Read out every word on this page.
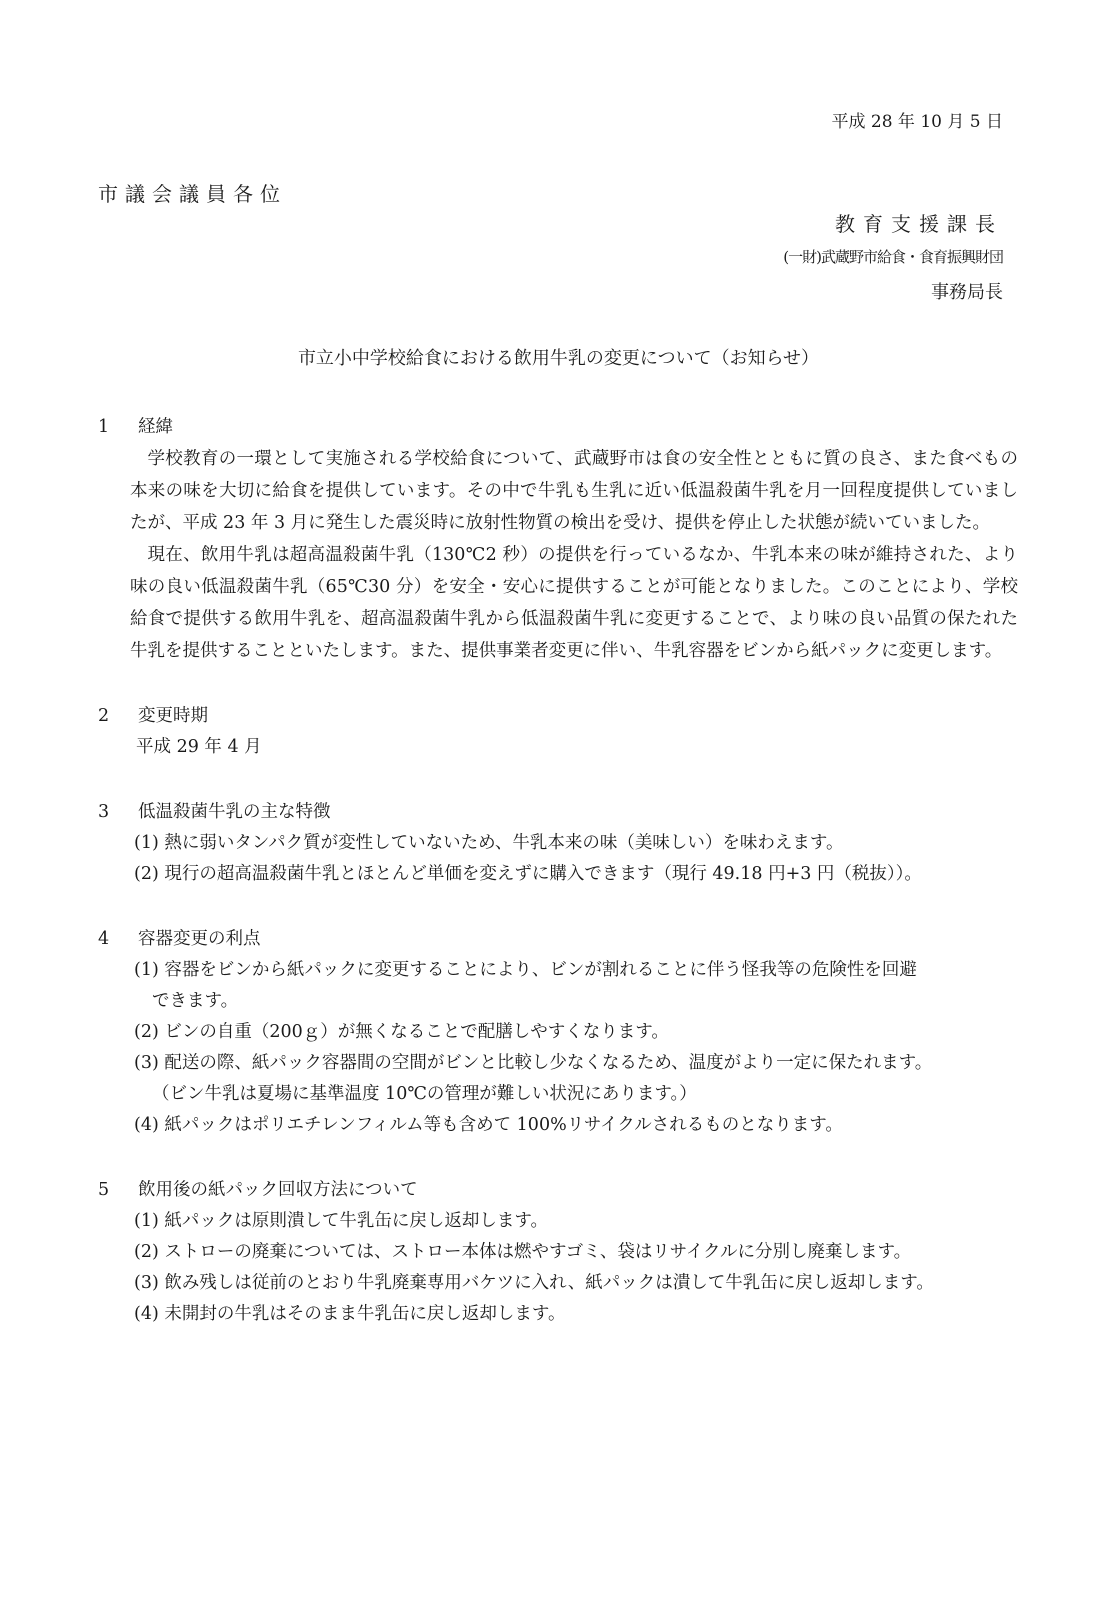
平成 28 年 10 月 5 日
市議会議員各位
教育支援課長
(一財)武蔵野市給食・食育振興財団
事務局長
市立小中学校給食における飲用牛乳の変更について（お知らせ）

1 経緯

学校教育の一環として実施される学校給食について、武蔵野市は食の安全性とともに質の良さ、また食べもの本来の味を大切に給食を提供しています。その中で牛乳も生乳に近い低温殺菌牛乳を月一回程度提供していましたが、平成 23 年 3 月に発生した震災時に放射性物質の検出を受け、提供を停止した状態が続いていました。

現在、飲用牛乳は超高温殺菌牛乳（130℃2 秒）の提供を行っているなか、牛乳本来の味が維持された、より味の良い低温殺菌牛乳（65℃30 分）を安全・安心に提供することが可能となりました。このことにより、学校給食で提供する飲用牛乳を、超高温殺菌牛乳から低温殺菌牛乳に変更することで、より味の良い品質の保たれた牛乳を提供することといたします。また、提供事業者変更に伴い、牛乳容器をビンから紙パックに変更します。

2 変更時期

平成 29 年 4 月

3 低温殺菌牛乳の主な特徴

(1) 熱に弱いタンパク質が変性していないため、牛乳本来の味（美味しい）を味わえます。

(2) 現行の超高温殺菌牛乳とほとんど単価を変えずに購入できます（現行 49.18 円+3 円（税抜））。

4 容器変更の利点

(1) 容器をビンから紙パックに変更することにより、ビンが割れることに伴う怪我等の危険性を回避
できます。

(2) ビンの自重（200ｇ）が無くなることで配膳しやすくなります。

(3) 配送の際、紙パック容器間の空間がビンと比較し少なくなるため、温度がより一定に保たれます。
（ビン牛乳は夏場に基準温度 10℃の管理が難しい状況にあります。）

(4) 紙パックはポリエチレンフィルム等も含めて 100%リサイクルされるものとなります。

5 飲用後の紙パック回収方法について

(1) 紙パックは原則潰して牛乳缶に戻し返却します。

(2) ストローの廃棄については、ストロー本体は燃やすゴミ、袋はリサイクルに分別し廃棄します。

(3) 飲み残しは従前のとおり牛乳廃棄専用バケツに入れ、紙パックは潰して牛乳缶に戻し返却します。

(4) 未開封の牛乳はそのまま牛乳缶に戻し返却します。
